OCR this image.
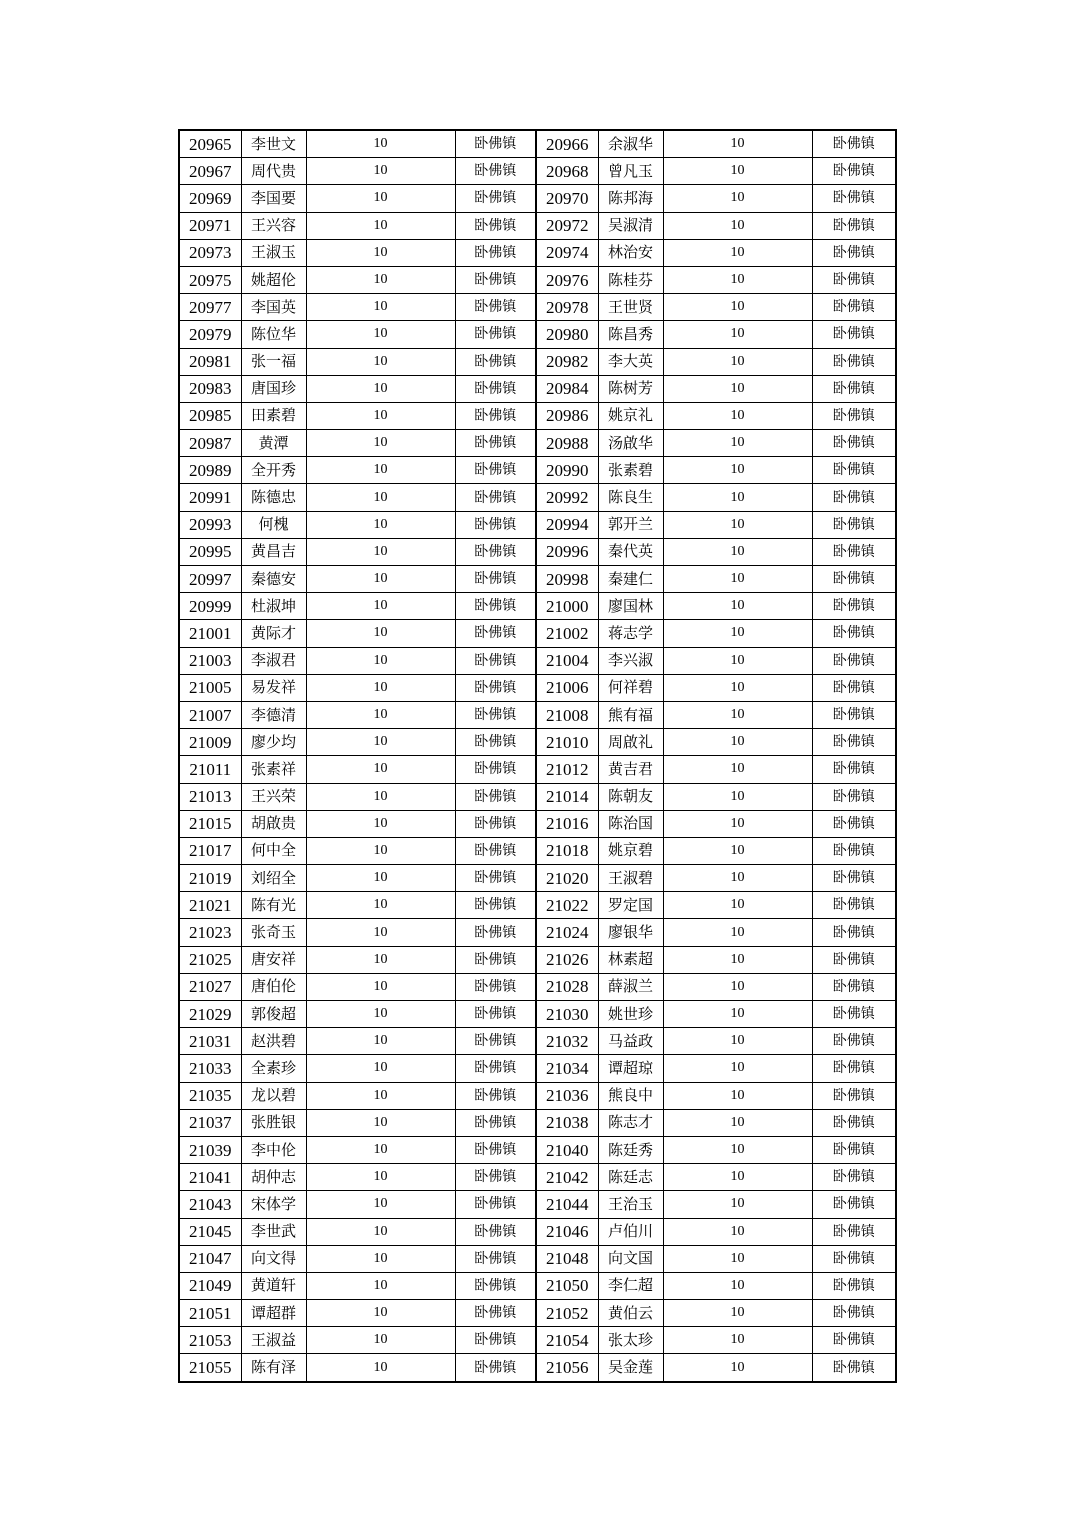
20965	李世文	10	卧佛镇	20966	余淑华	10	卧佛镇
20967	周代贵	10	卧佛镇	20968	曾凡玉	10	卧佛镇
20969	李国要	10	卧佛镇	20970	陈邦海	10	卧佛镇
20971	王兴容	10	卧佛镇	20972	吴淑清	10	卧佛镇
20973	王淑玉	10	卧佛镇	20974	林治安	10	卧佛镇
20975	姚超伦	10	卧佛镇	20976	陈桂芬	10	卧佛镇
20977	李国英	10	卧佛镇	20978	王世贤	10	卧佛镇
20979	陈位华	10	卧佛镇	20980	陈昌秀	10	卧佛镇
20981	张一福	10	卧佛镇	20982	李大英	10	卧佛镇
20983	唐国珍	10	卧佛镇	20984	陈树芳	10	卧佛镇
20985	田素碧	10	卧佛镇	20986	姚京礼	10	卧佛镇
20987	黄潭	10	卧佛镇	20988	汤啟华	10	卧佛镇
20989	全开秀	10	卧佛镇	20990	张素碧	10	卧佛镇
20991	陈德忠	10	卧佛镇	20992	陈良生	10	卧佛镇
20993	何槐	10	卧佛镇	20994	郭开兰	10	卧佛镇
20995	黄昌吉	10	卧佛镇	20996	秦代英	10	卧佛镇
20997	秦德安	10	卧佛镇	20998	秦建仁	10	卧佛镇
20999	杜淑坤	10	卧佛镇	21000	廖国林	10	卧佛镇
21001	黄际才	10	卧佛镇	21002	蒋志学	10	卧佛镇
21003	李淑君	10	卧佛镇	21004	李兴淑	10	卧佛镇
21005	易发祥	10	卧佛镇	21006	何祥碧	10	卧佛镇
21007	李德清	10	卧佛镇	21008	熊有福	10	卧佛镇
21009	廖少均	10	卧佛镇	21010	周啟礼	10	卧佛镇
21011	张素祥	10	卧佛镇	21012	黄吉君	10	卧佛镇
21013	王兴荣	10	卧佛镇	21014	陈朝友	10	卧佛镇
21015	胡啟贵	10	卧佛镇	21016	陈治国	10	卧佛镇
21017	何中全	10	卧佛镇	21018	姚京碧	10	卧佛镇
21019	刘绍全	10	卧佛镇	21020	王淑碧	10	卧佛镇
21021	陈有光	10	卧佛镇	21022	罗定国	10	卧佛镇
21023	张奇玉	10	卧佛镇	21024	廖银华	10	卧佛镇
21025	唐安祥	10	卧佛镇	21026	林素超	10	卧佛镇
21027	唐伯伦	10	卧佛镇	21028	薛淑兰	10	卧佛镇
21029	郭俊超	10	卧佛镇	21030	姚世珍	10	卧佛镇
21031	赵洪碧	10	卧佛镇	21032	马益政	10	卧佛镇
21033	全素珍	10	卧佛镇	21034	谭超琼	10	卧佛镇
21035	龙以碧	10	卧佛镇	21036	熊良中	10	卧佛镇
21037	张胜银	10	卧佛镇	21038	陈志才	10	卧佛镇
21039	李中伦	10	卧佛镇	21040	陈廷秀	10	卧佛镇
21041	胡仲志	10	卧佛镇	21042	陈廷志	10	卧佛镇
21043	宋体学	10	卧佛镇	21044	王治玉	10	卧佛镇
21045	李世武	10	卧佛镇	21046	卢伯川	10	卧佛镇
21047	向文得	10	卧佛镇	21048	向文国	10	卧佛镇
21049	黄道轩	10	卧佛镇	21050	李仁超	10	卧佛镇
21051	谭超群	10	卧佛镇	21052	黄伯云	10	卧佛镇
21053	王淑益	10	卧佛镇	21054	张太珍	10	卧佛镇
21055	陈有泽	10	卧佛镇	21056	吴金莲	10	卧佛镇
